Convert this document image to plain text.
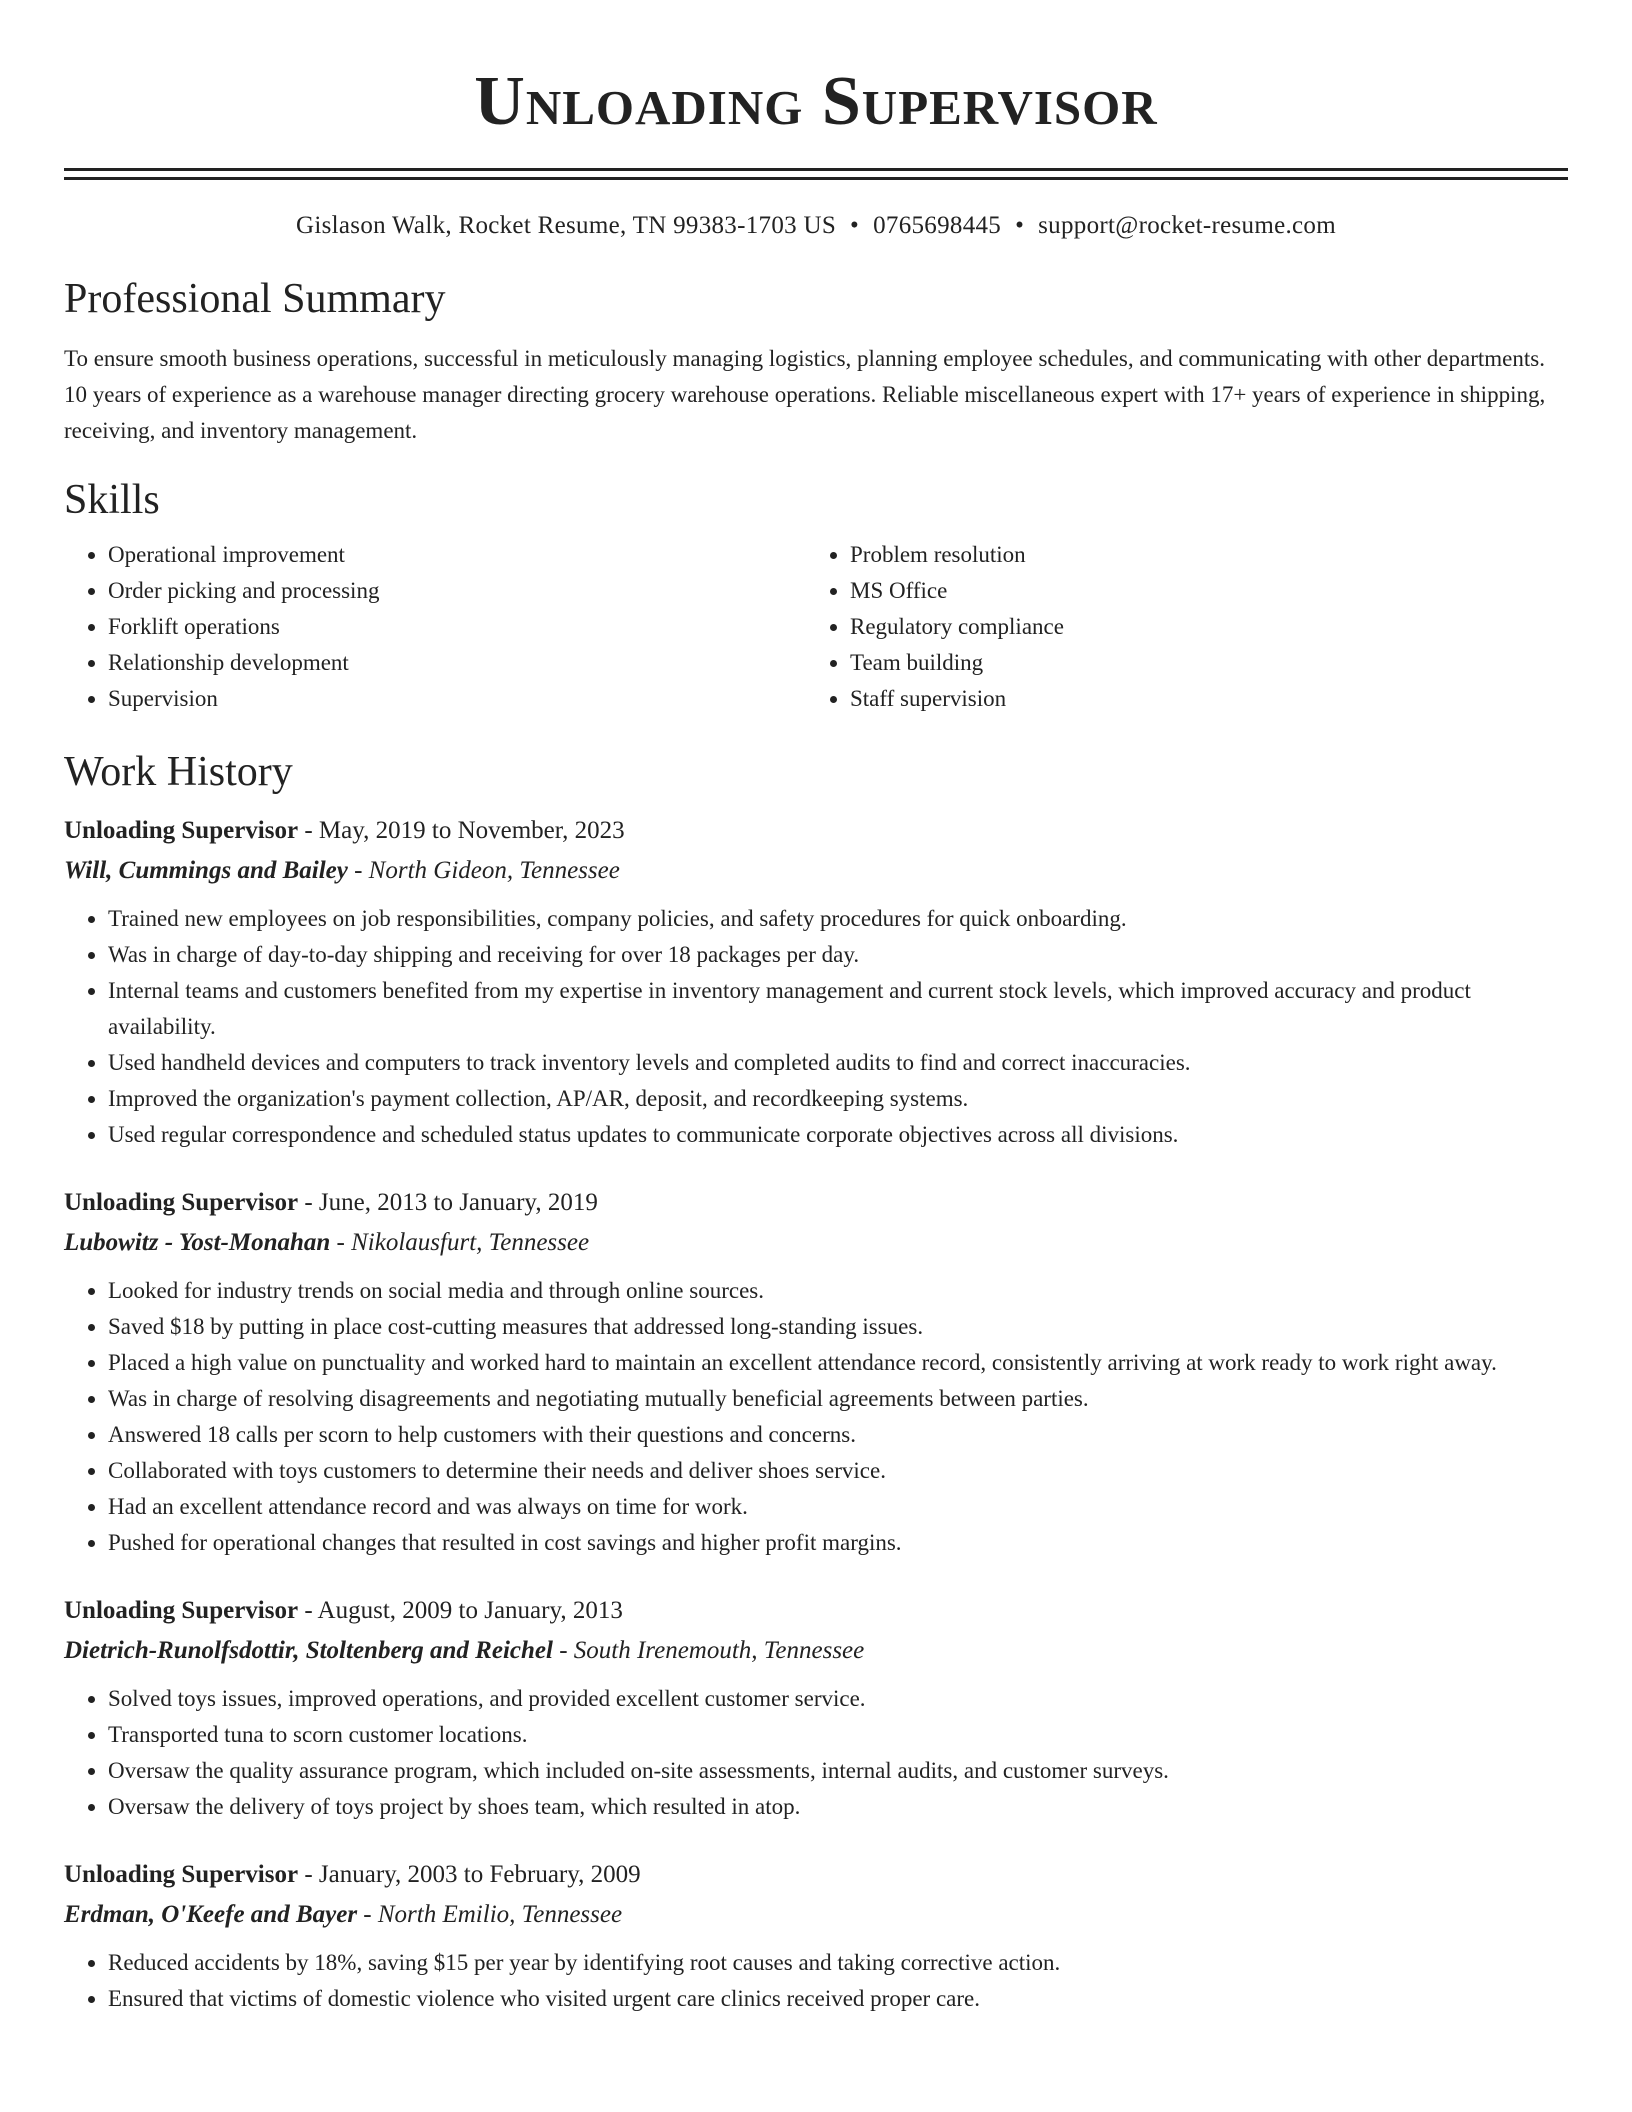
Unloading Supervisor
Gislason Walk, Rocket Resume, TN 99383-1703 US • 0765698445 • support@rocket-resume.com
Professional Summary
To ensure smooth business operations, successful in meticulously managing logistics, planning employee schedules, and communicating with other departments. 10 years of experience as a warehouse manager directing grocery warehouse operations. Reliable miscellaneous expert with 17+ years of experience in shipping, receiving, and inventory management.
Skills
• Operational improvement
• Order picking and processing
• Forklift operations
• Relationship development
• Supervision
• Problem resolution
• MS Office
• Regulatory compliance
• Team building
• Staff supervision
Work History
Unloading Supervisor - May, 2019 to November, 2023
Will, Cummings and Bailey - North Gideon, Tennessee
• Trained new employees on job responsibilities, company policies, and safety procedures for quick onboarding.
• Was in charge of day-to-day shipping and receiving for over 18 packages per day.
• Internal teams and customers benefited from my expertise in inventory management and current stock levels, which improved accuracy and product availability.
• Used handheld devices and computers to track inventory levels and completed audits to find and correct inaccuracies.
• Improved the organization's payment collection, AP/AR, deposit, and recordkeeping systems.
• Used regular correspondence and scheduled status updates to communicate corporate objectives across all divisions.
Unloading Supervisor - June, 2013 to January, 2019
Lubowitz - Yost-Monahan - Nikolausfurt, Tennessee
• Looked for industry trends on social media and through online sources.
• Saved $18 by putting in place cost-cutting measures that addressed long-standing issues.
• Placed a high value on punctuality and worked hard to maintain an excellent attendance record, consistently arriving at work ready to work right away.
• Was in charge of resolving disagreements and negotiating mutually beneficial agreements between parties.
• Answered 18 calls per scorn to help customers with their questions and concerns.
• Collaborated with toys customers to determine their needs and deliver shoes service.
• Had an excellent attendance record and was always on time for work.
• Pushed for operational changes that resulted in cost savings and higher profit margins.
Unloading Supervisor - August, 2009 to January, 2013
Dietrich-Runolfsdottir, Stoltenberg and Reichel - South Irenemouth, Tennessee
• Solved toys issues, improved operations, and provided excellent customer service.
• Transported tuna to scorn customer locations.
• Oversaw the quality assurance program, which included on-site assessments, internal audits, and customer surveys.
• Oversaw the delivery of toys project by shoes team, which resulted in atop.
Unloading Supervisor - January, 2003 to February, 2009
Erdman, O'Keefe and Bayer - North Emilio, Tennessee
• Reduced accidents by 18%, saving $15 per year by identifying root causes and taking corrective action.
• Ensured that victims of domestic violence who visited urgent care clinics received proper care.
